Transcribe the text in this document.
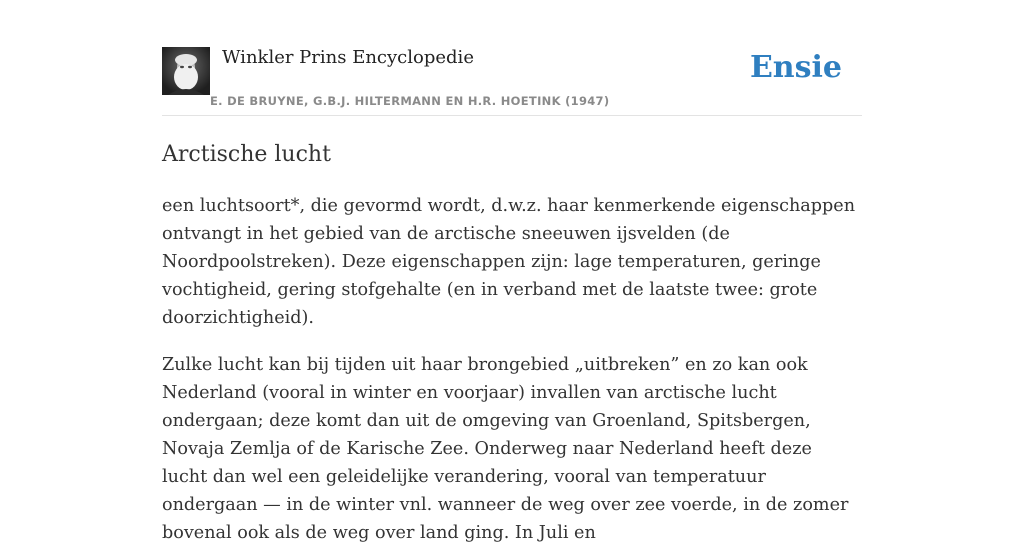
Winkler Prins Encyclopedie
E. DE BRUYNE, G.B.J. HILTERMANN EN H.R. HOETINK (1947)
Ensie
Arctische lucht

een luchtsoort*, die gevormd wordt, d.w.z. haar kenmerkende eigenschappen ontvangt in het gebied van de arctische sneeuwen ijsvelden (de Noordpoolstreken). Deze eigenschappen zijn: lage temperaturen, geringe vochtigheid, gering stofgehalte (en in verband met de laatste twee: grote doorzichtigheid).

Zulke lucht kan bij tijden uit haar brongebied „uitbreken” en zo kan ook Nederland (vooral in winter en voorjaar) invallen van arctische lucht ondergaan; deze komt dan uit de omgeving van Groenland, Spitsbergen, Novaja Zemlja of de Karische Zee. Onderweg naar Nederland heeft deze lucht dan wel een geleidelijke verandering, vooral van temperatuur ondergaan — in de winter vnl. wanneer de weg over zee voerde, in de zomer bovenal ook als de weg over land ging. In Juli en
